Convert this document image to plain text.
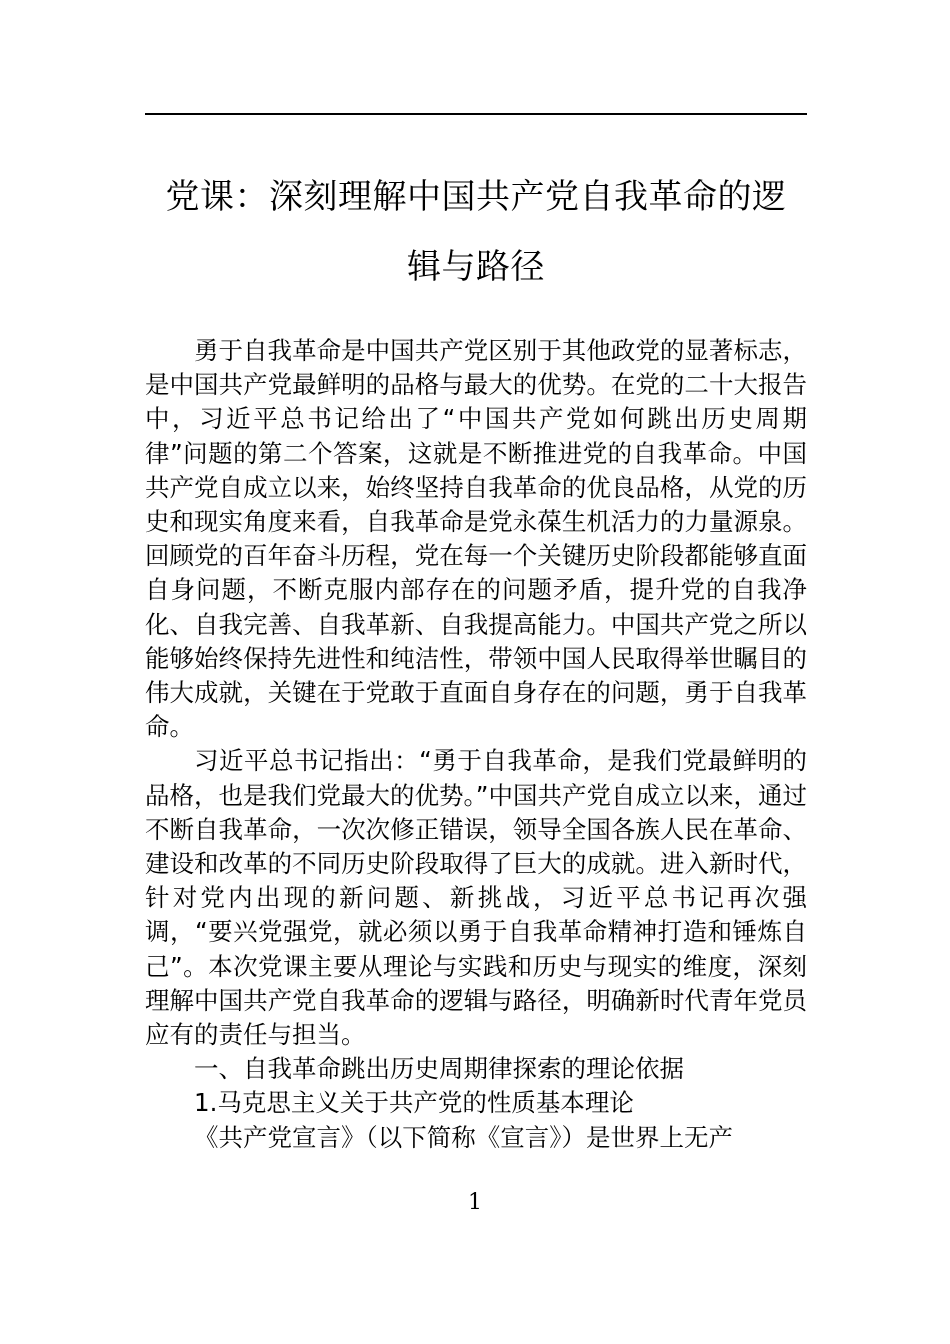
党课：深刻理解中国共产党自我革命的逻
辑与路径

勇于自我革命是中国共产党区别于其他政党的显著标志，是中国共产党最鲜明的品格与最大的优势。在党的二十大报告中，习近平总书记给出了“中国共产党如何跳出历史周期律”问题的第二个答案，这就是不断推进党的自我革命。中国共产党自成立以来，始终坚持自我革命的优良品格，从党的历史和现实角度来看，自我革命是党永葆生机活力的力量源泉。回顾党的百年奋斗历程，党在每一个关键历史阶段都能够直面自身问题，不断克服内部存在的问题矛盾，提升党的自我净化、自我完善、自我革新、自我提高能力。中国共产党之所以能够始终保持先进性和纯洁性，带领中国人民取得举世瞩目的伟大成就，关键在于党敢于直面自身存在的问题，勇于自我革命。

习近平总书记指出：“勇于自我革命，是我们党最鲜明的品格，也是我们党最大的优势。”中国共产党自成立以来，通过不断自我革命，一次次修正错误，领导全国各族人民在革命、建设和改革的不同历史阶段取得了巨大的成就。进入新时代，针对党内出现的新问题、新挑战，习近平总书记再次强调，“要兴党强党，就必须以勇于自我革命精神打造和锤炼自己”。本次党课主要从理论与实践和历史与现实的维度，深刻理解中国共产党自我革命的逻辑与路径，明确新时代青年党员应有的责任与担当。

一、自我革命跳出历史周期律探索的理论依据

1.马克思主义关于共产党的性质基本理论

《共产党宣言》（以下简称《宣言》）是世界上无产

1
